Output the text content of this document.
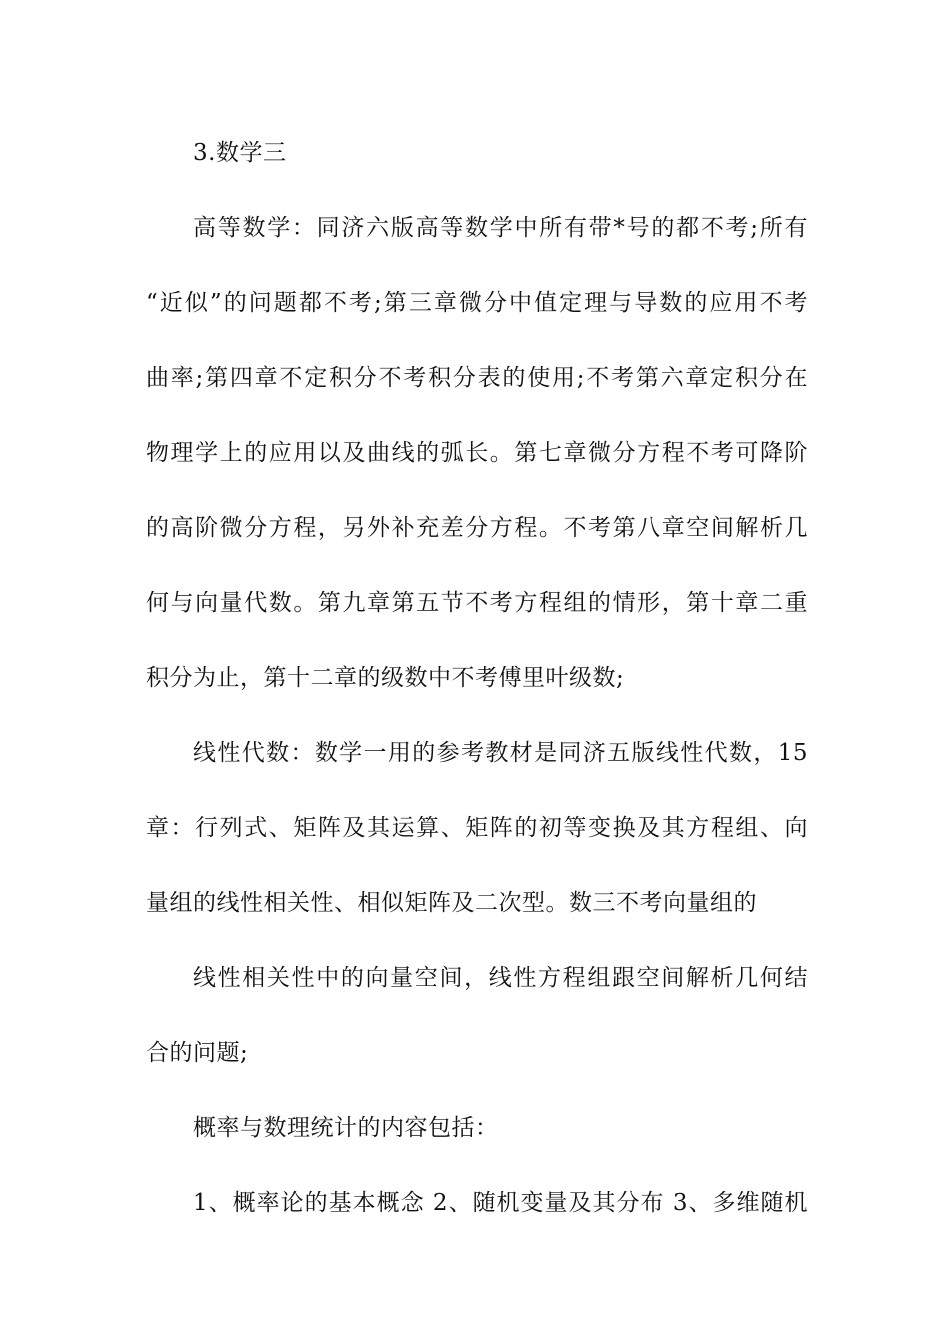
3.数学三
高等数学：同济六版高等数学中所有带*号的都不考;所有
“近似”的问题都不考;第三章微分中值定理与导数的应用不考
曲率;第四章不定积分不考积分表的使用;不考第六章定积分在
物理学上的应用以及曲线的弧长。第七章微分方程不考可降阶
的高阶微分方程，另外补充差分方程。不考第八章空间解析几
何与向量代数。第九章第五节不考方程组的情形，第十章二重
积分为止，第十二章的级数中不考傅里叶级数;
线性代数：数学一用的参考教材是同济五版线性代数，15
章：行列式、矩阵及其运算、矩阵的初等变换及其方程组、向
量组的线性相关性、相似矩阵及二次型。数三不考向量组的
线性相关性中的向量空间，线性方程组跟空间解析几何结
合的问题;
概率与数理统计的内容包括：
1、概率论的基本概念 2、随机变量及其分布 3、多维随机
